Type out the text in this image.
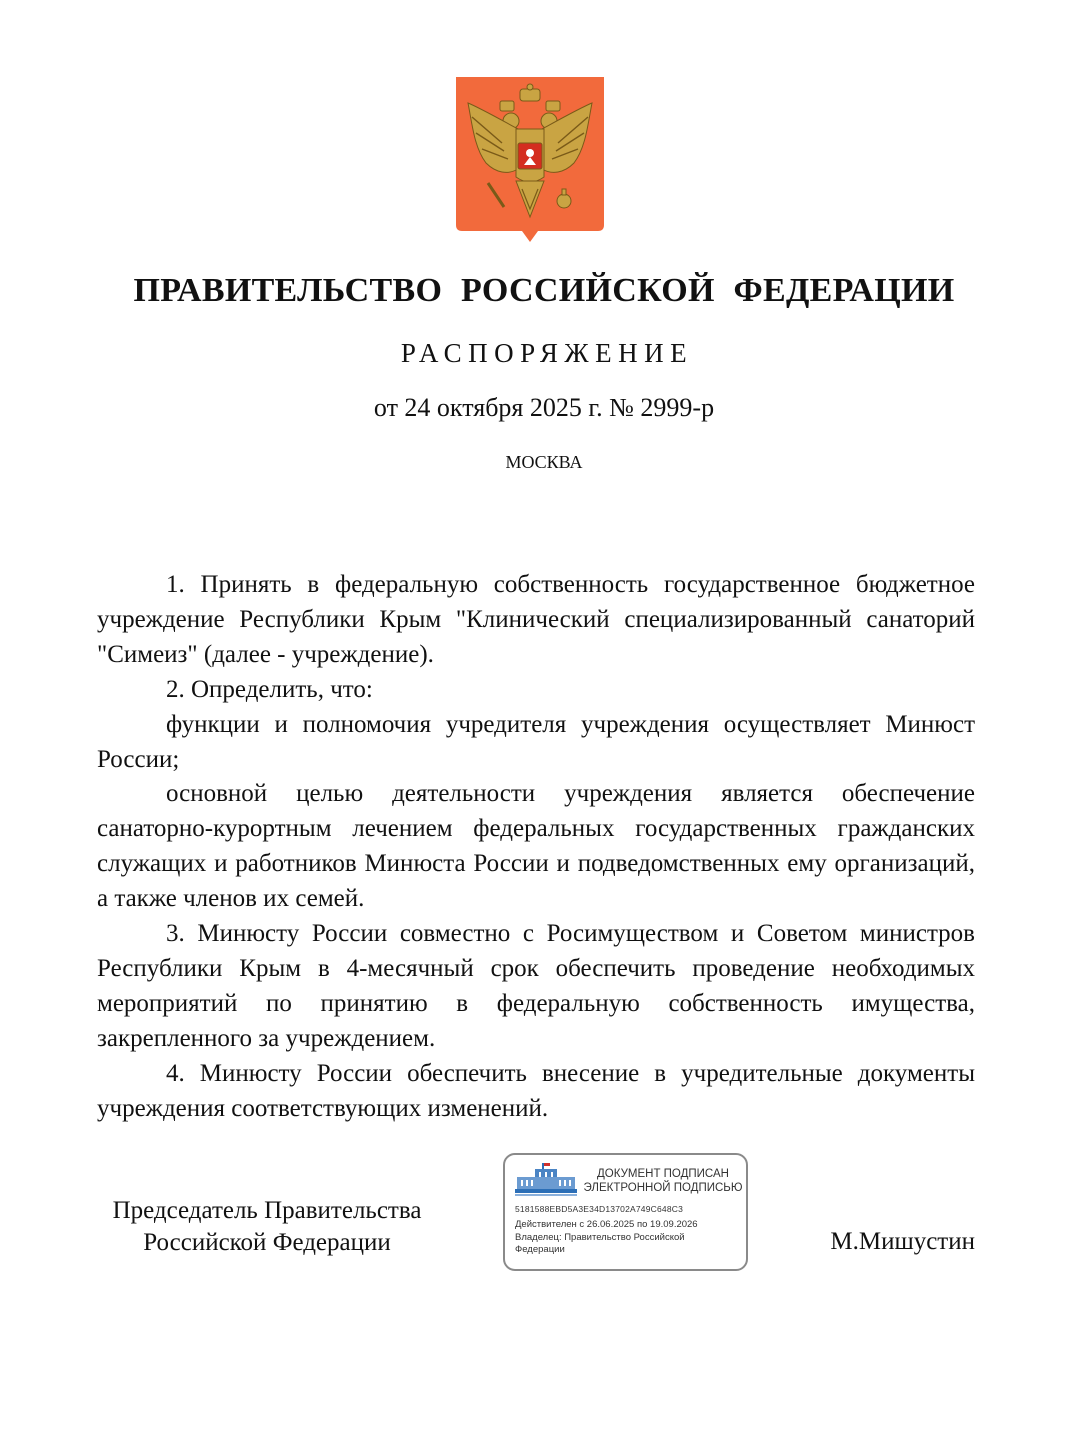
ПРАВИТЕЛЬСТВО РОССИЙСКОЙ ФЕДЕРАЦИИ
РАСПОРЯЖЕНИЕ
от 24 октября 2025 г. № 2999-р
МОСКВА

1. Принять в федеральную собственность государственное бюджетное учреждение Республики Крым "Клинический специализированный санаторий "Симеиз" (далее - учреждение).

2. Определить, что:

функции и полномочия учредителя учреждения осуществляет Минюст России;

основной целью деятельности учреждения является обеспечение санаторно-курортным лечением федеральных государственных гражданских служащих и работников Минюста России и подведомственных ему организаций, а также членов их семей.

3. Минюсту России совместно с Росимуществом и Советом министров Республики Крым в 4-месячный срок обеспечить проведение необходимых мероприятий по принятию в федеральную собственность имущества, закрепленного за учреждением.

4. Минюсту России обеспечить внесение в учредительные документы учреждения соответствующих изменений.

Председатель Правительства
Российской Федерации
ДОКУМЕНТ ПОДПИСАН
ЭЛЕКТРОННОЙ ПОДПИСЬЮ
5181588EBD5A3E34D13702A749C648C3
Действителен с 26.06.2025 по 19.09.2026
Владелец: Правительство Российской Федерации	М.Мишустин
